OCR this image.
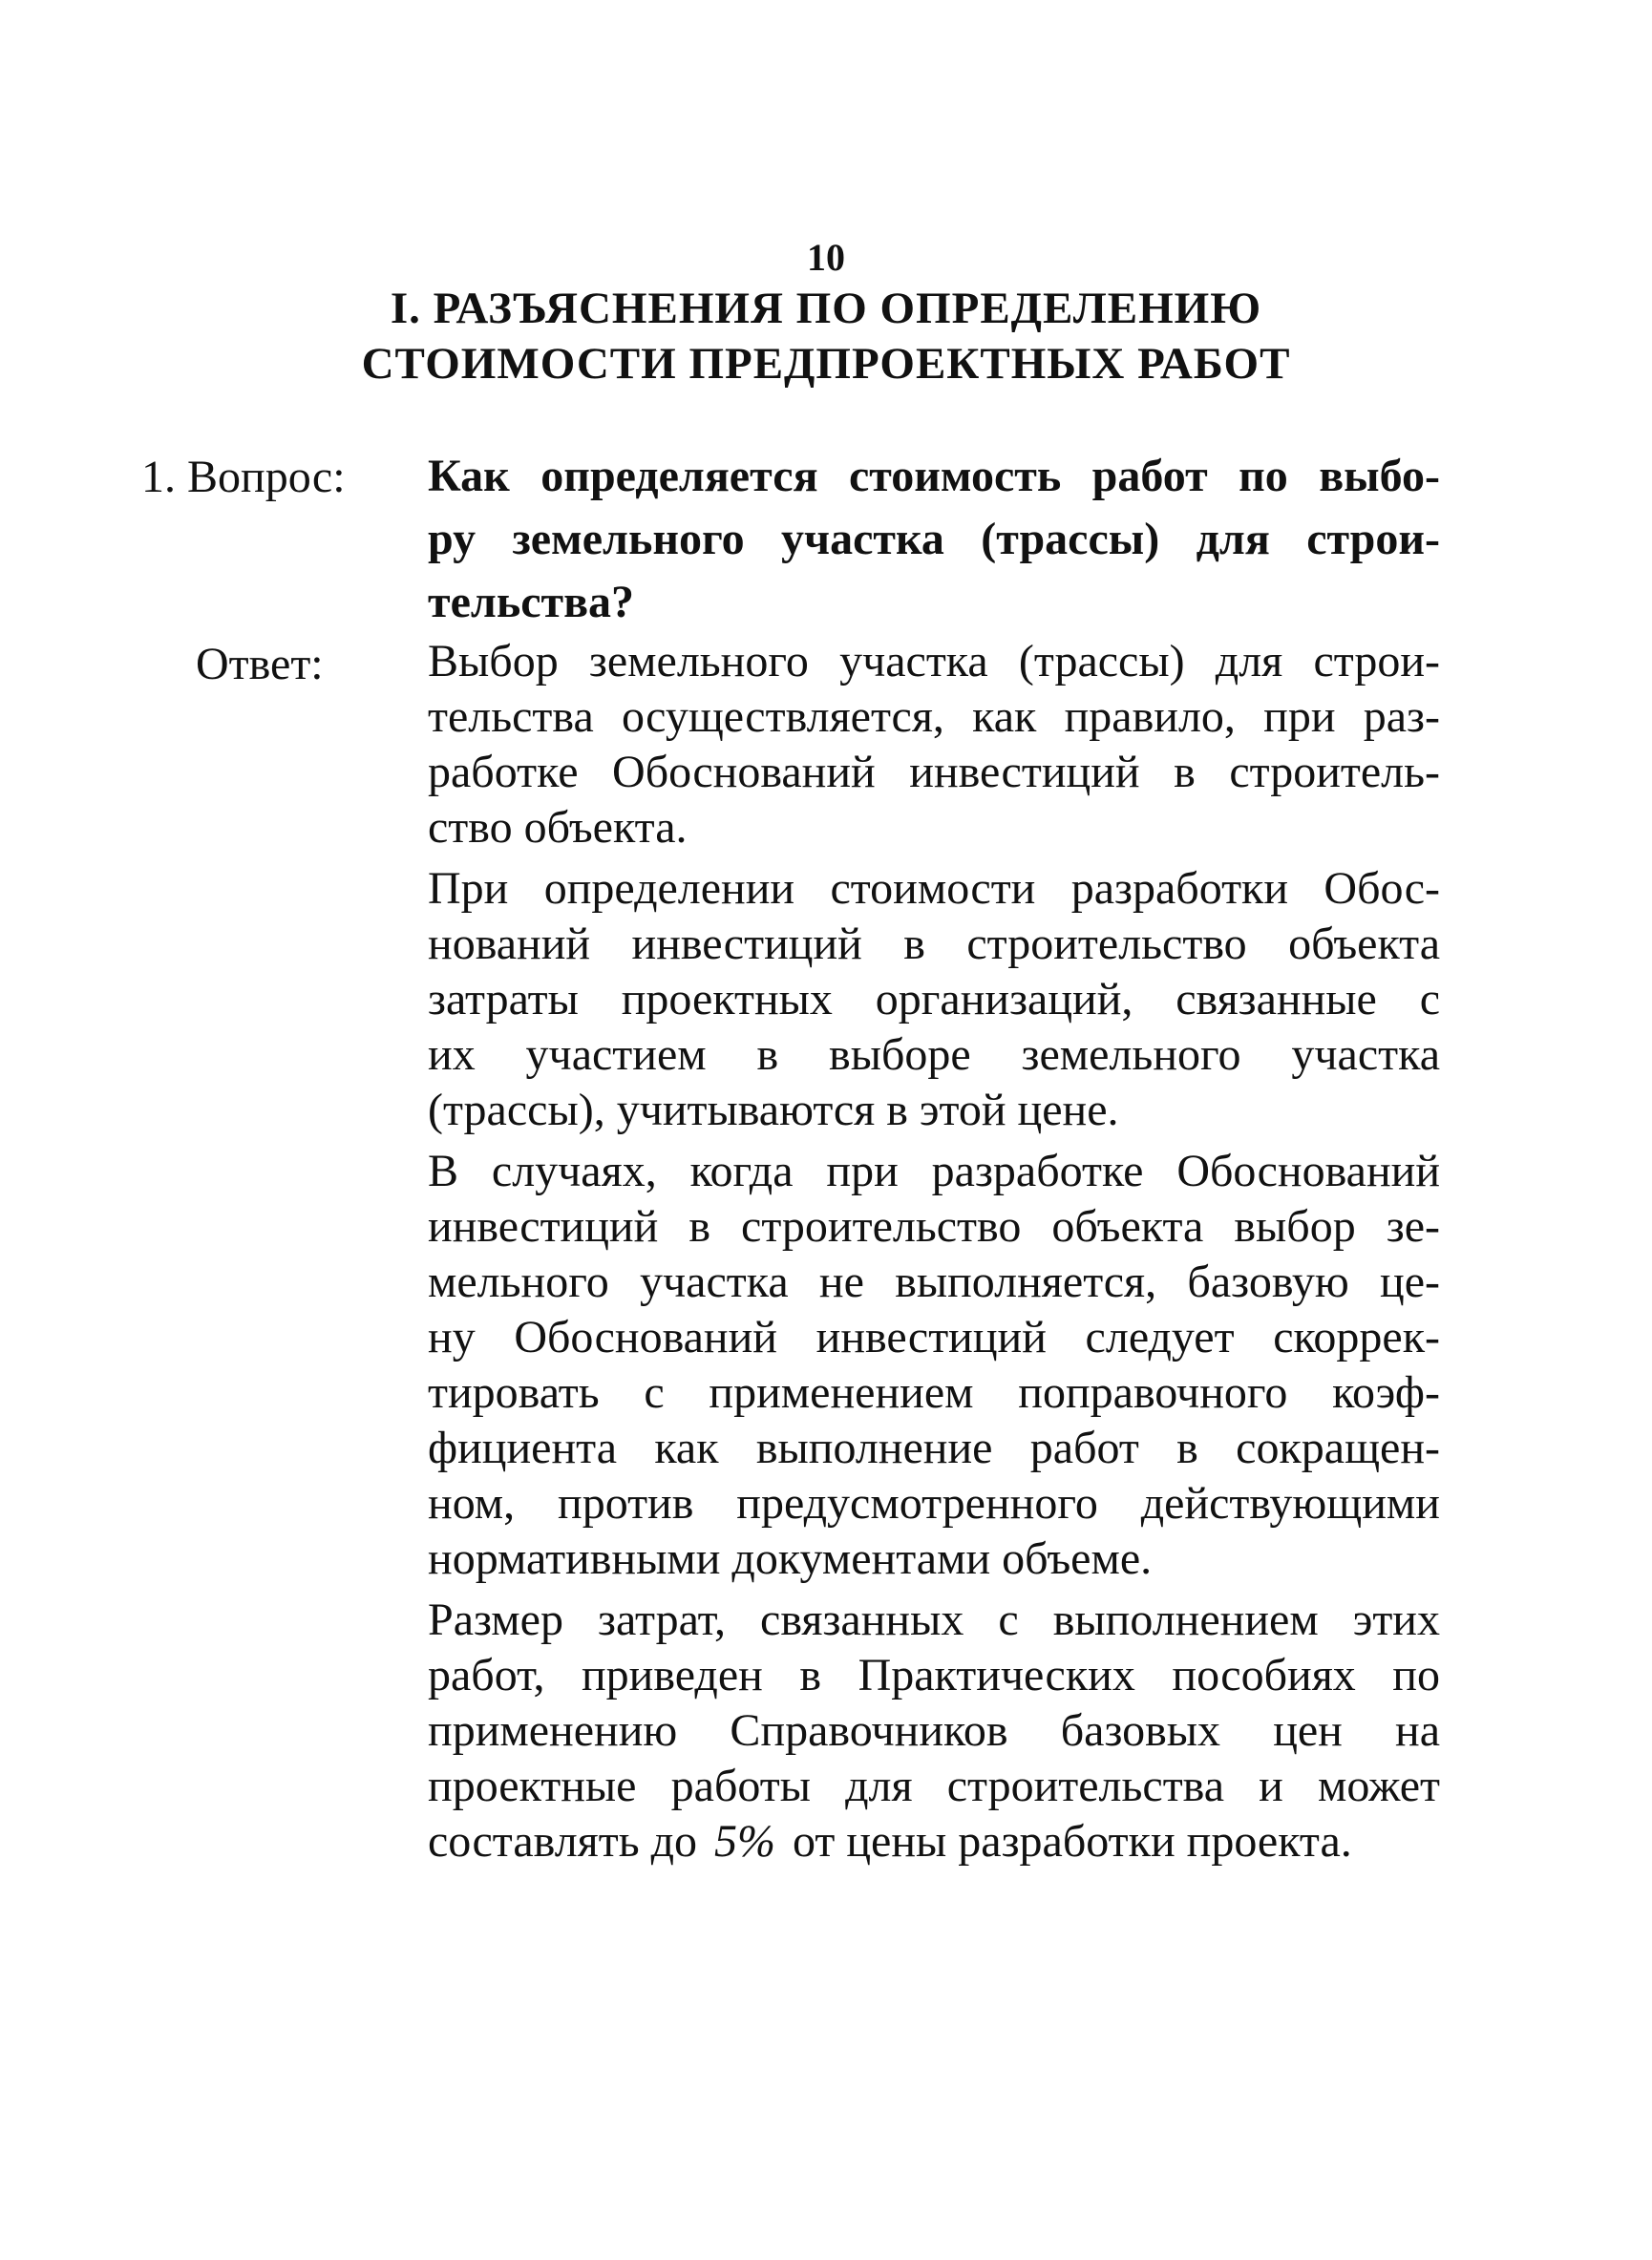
10
I. РАЗЪЯСНЕНИЯ ПО ОПРЕДЕЛЕНИЮ
СТОИМОСТИ ПРЕДПРОЕКТНЫХ РАБОТ
1. Вопрос: Как определяется стоимость работ по выбо-
ру земельного участка (трассы) для строи-
тельства?
Ответ: Выбор земельного участка (трассы) для строи-
тельства осуществляется, как правило, при раз-
работке Обоснований инвестиций в строитель-
ство объекта.
При определении стоимости разработки Обос-
нований инвестиций в строительство объекта
затраты проектных организаций, связанные с
их участием в выборе земельного участка
(трассы), учитываются в этой цене.
В случаях, когда при разработке Обоснований
инвестиций в строительство объекта выбор зе-
мельного участка не выполняется, базовую це-
ну Обоснований инвестиций следует скоррек-
тировать с применением поправочного коэф-
фициента как выполнение работ в сокращен-
ном, против предусмотренного действующими
нормативными документами объеме.
Размер затрат, связанных с выполнением этих
работ, приведен в Практических пособиях по
применению Справочников базовых цен на
проектные работы для строительства и может
составлять до 5% от цены разработки проекта.
